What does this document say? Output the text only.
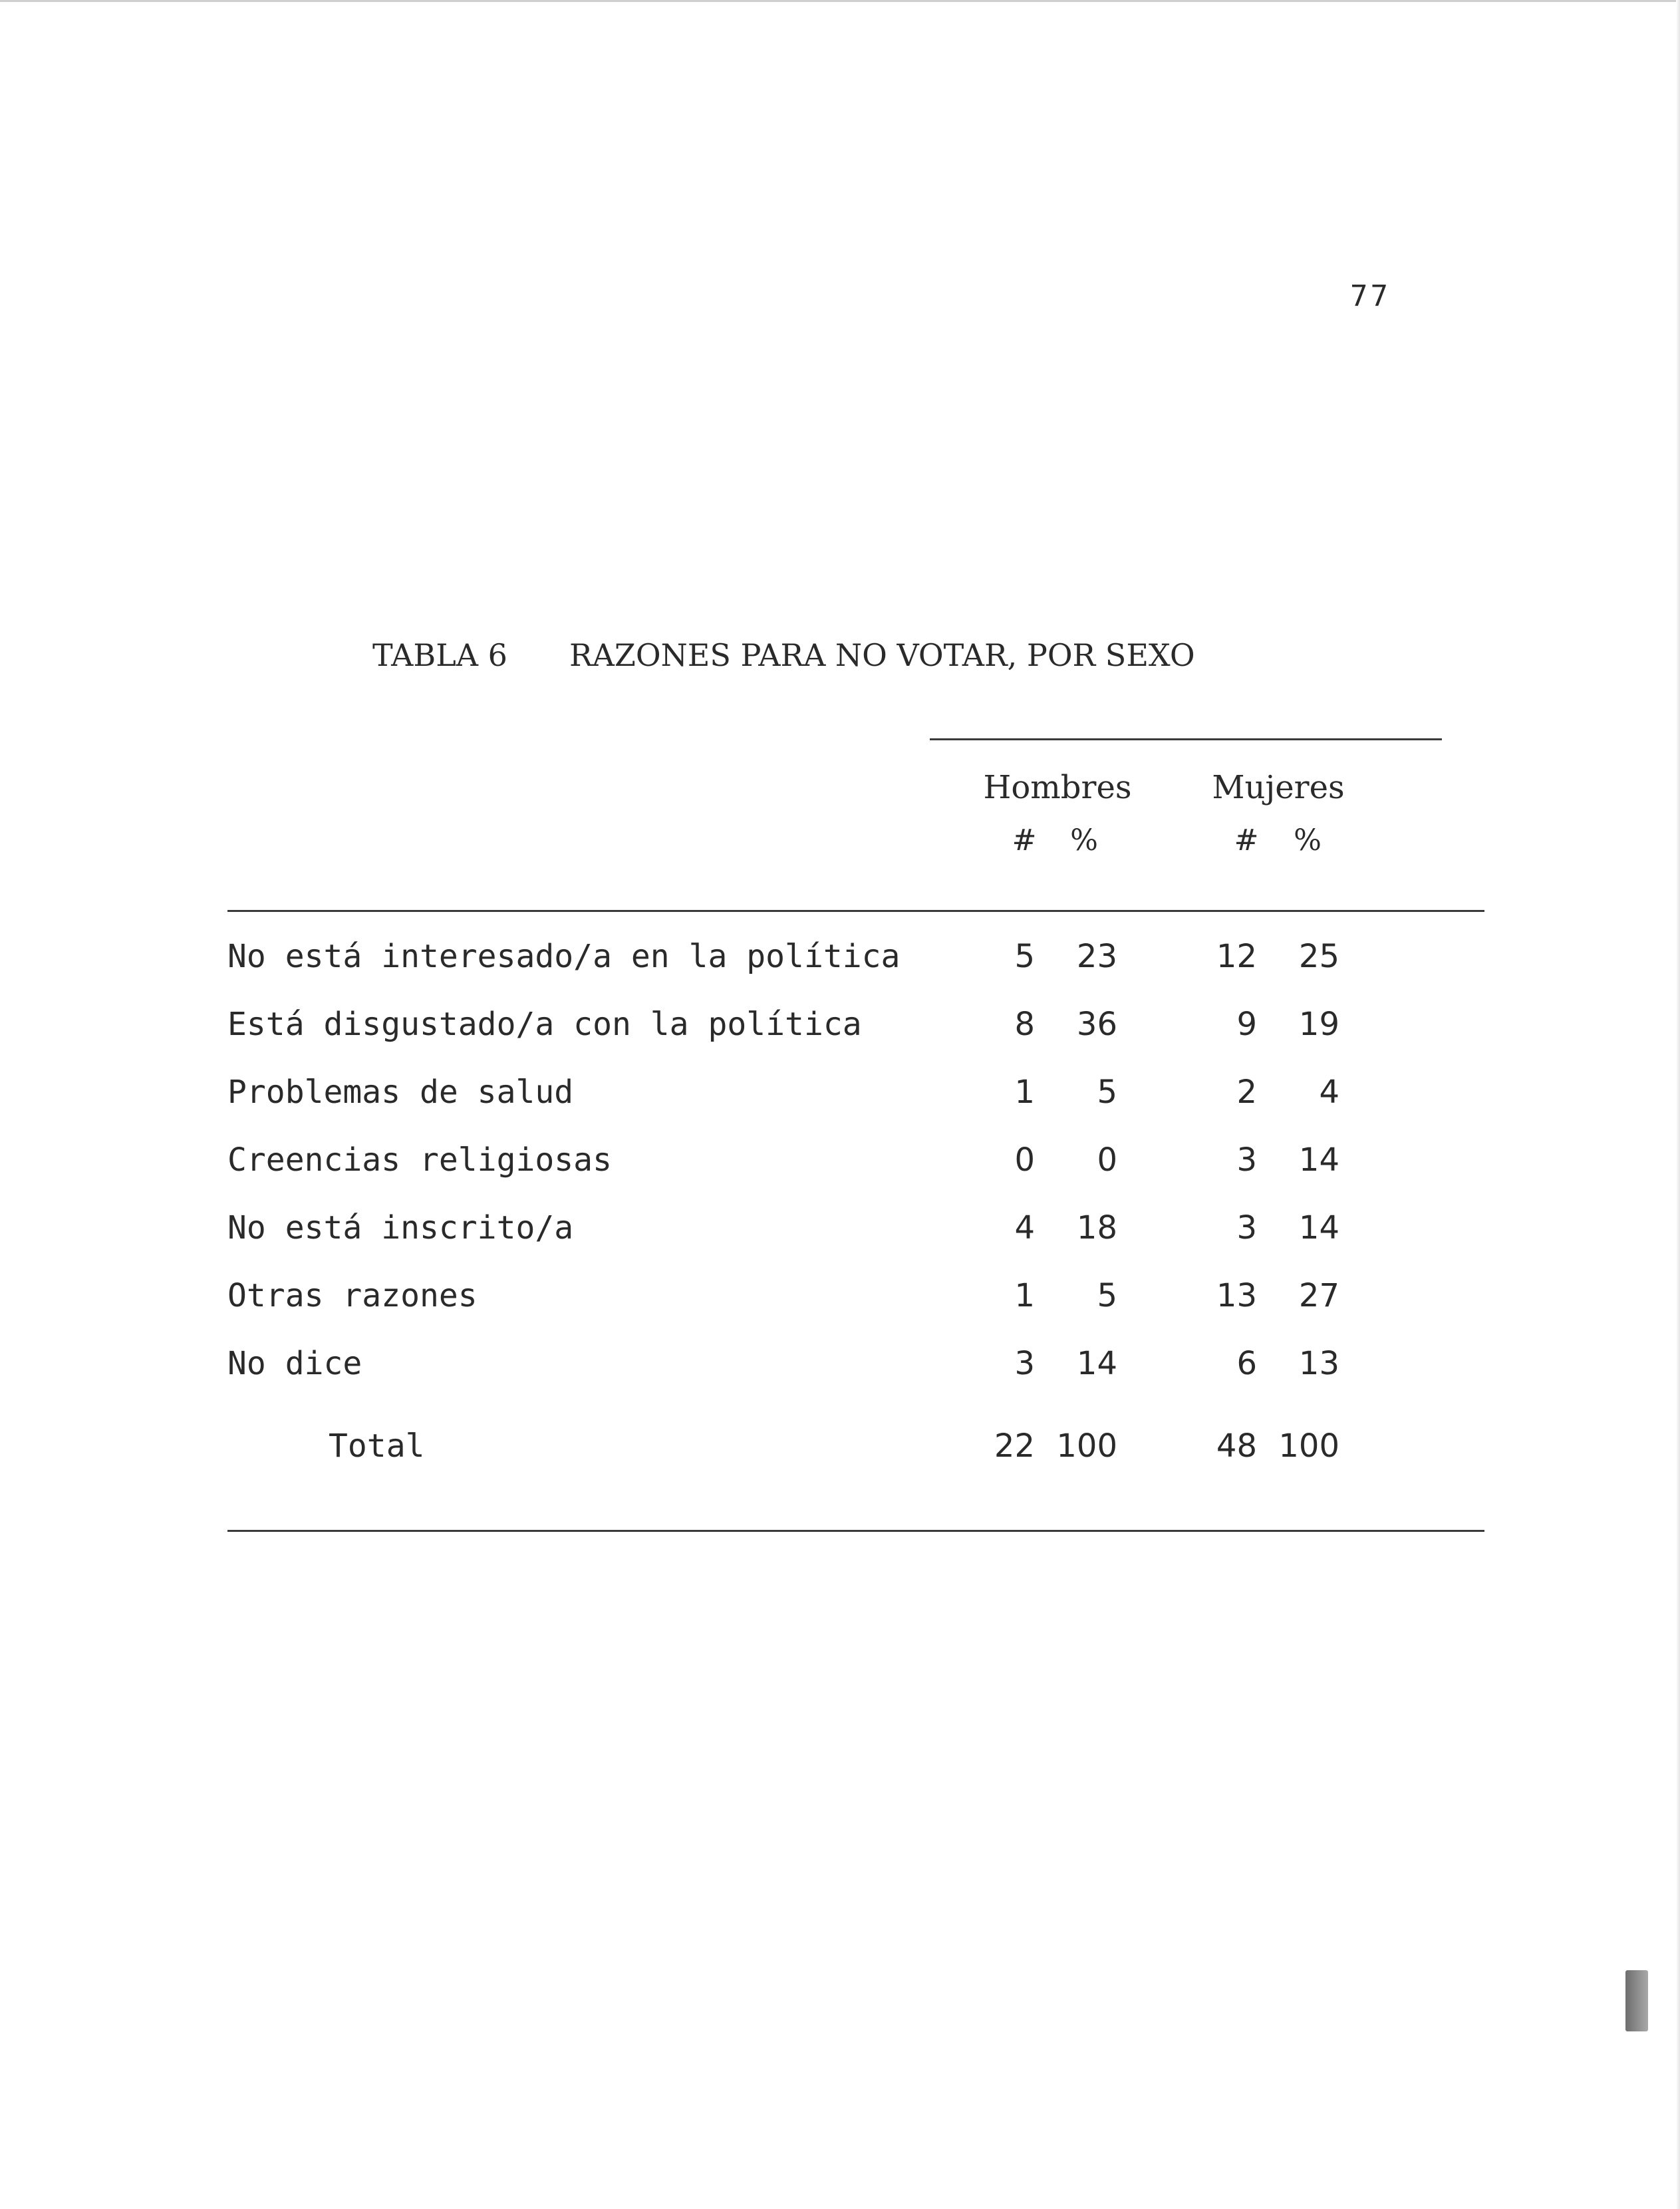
77
TABLA 6 RAZONES PARA NO VOTAR, POR SEXO
Hombres	Mujeres
#	%	#	%
No está interesado/a en la política	5	23	12	25
Está disgustado/a con la política	8	36	9	19
Problemas de salud	1	5	2	4
Creencias religiosas	0	0	3	14
No está inscrito/a	4	18	3	14
Otras razones	1	5	13	27
No dice	3	14	6	13
Total	22 100	48 100
